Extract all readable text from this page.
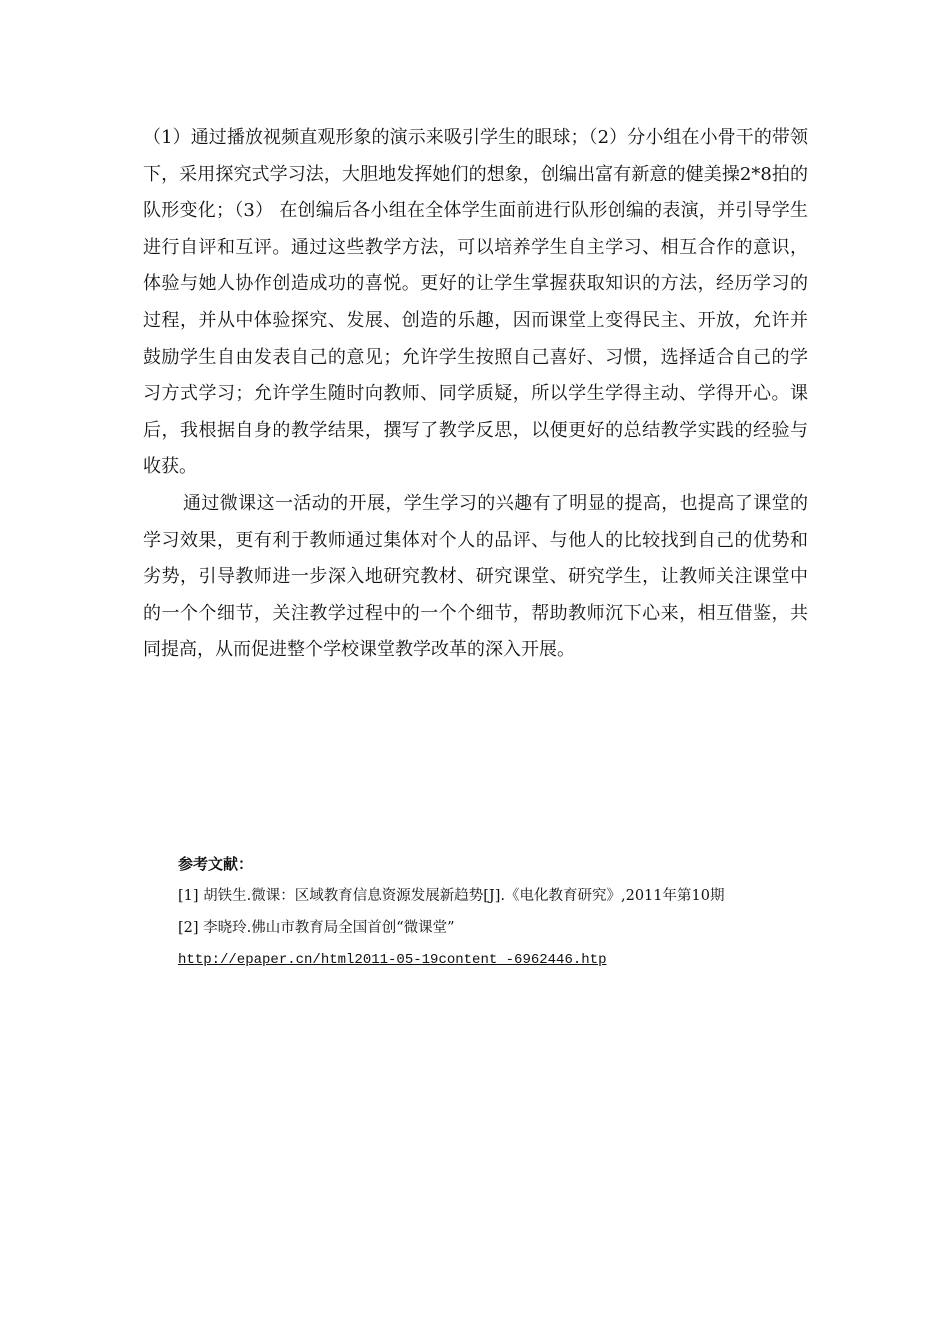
（1）通过播放视频直观形象的演示来吸引学生的眼球；（2）分小组在小骨干的带领下，采用探究式学习法，大胆地发挥她们的想象，创编出富有新意的健美操2*8拍的队形变化；（3） 在创编后各小组在全体学生面前进行队形创编的表演，并引导学生进行自评和互评。通过这些教学方法，可以培养学生自主学习、相互合作的意识，体验与她人协作创造成功的喜悦。更好的让学生掌握获取知识的方法，经历学习的过程，并从中体验探究、发展、创造的乐趣，因而课堂上变得民主、开放，允许并鼓励学生自由发表自己的意见；允许学生按照自己喜好、习惯，选择适合自己的学习方式学习；允许学生随时向教师、同学质疑，所以学生学得主动、学得开心。课后，我根据自身的教学结果，撰写了教学反思，以便更好的总结教学实践的经验与收获。

通过微课这一活动的开展，学生学习的兴趣有了明显的提高，也提高了课堂的学习效果，更有利于教师通过集体对个人的品评、与他人的比较找到自己的优势和劣势，引导教师进一步深入地研究教材、研究课堂、研究学生，让教师关注课堂中的一个个细节，关注教学过程中的一个个细节，帮助教师沉下心来，相互借鉴，共同提高，从而促进整个学校课堂教学改革的深入开展。

参考文献：

[1] 胡铁生.微课：区域教育信息资源发展新趋势[J].《电化教育研究》,2011年第10期

[2] 李晓玲.佛山市教育局全国首创“微课堂”

http://epaper.cn/html2011-05-19content -6962446.htp
